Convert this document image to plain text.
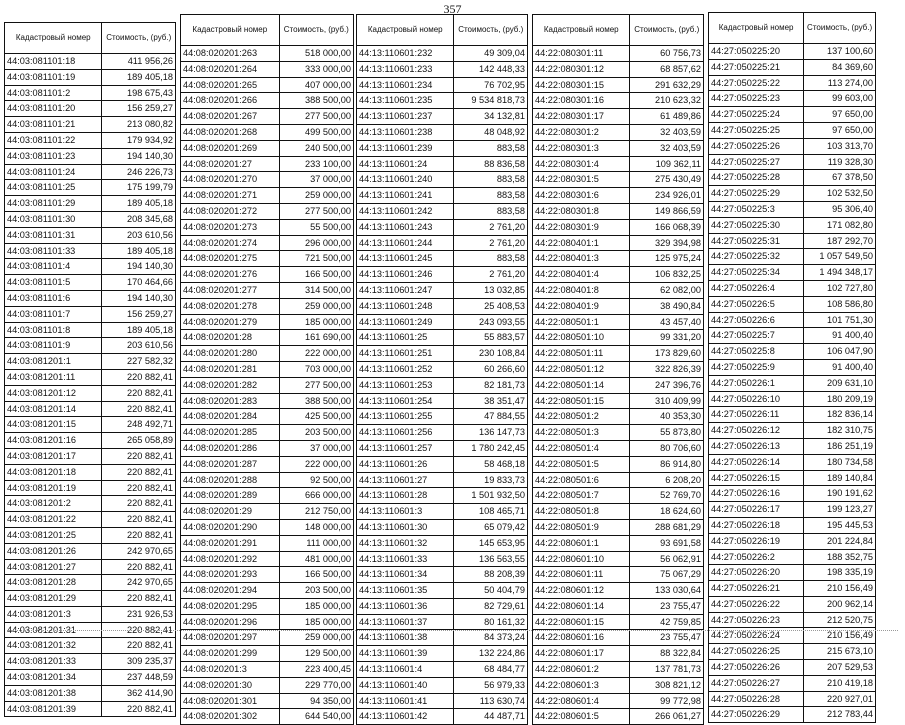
357
Кадастровый номер	Стоимость, (руб.)
44:03:081101:18	411 956,26
44:03:081101:19	189 405,18
44:03:081101:2	198 675,43
44:03:081101:20	156 259,27
44:03:081101:21	213 080,82
44:03:081101:22	179 934,92
44:03:081101:23	194 140,30
44:03:081101:24	246 226,73
44:03:081101:25	175 199,79
44:03:081101:29	189 405,18
44:03:081101:30	208 345,68
44:03:081101:31	203 610,56
44:03:081101:33	189 405,18
44:03:081101:4	194 140,30
44:03:081101:5	170 464,66
44:03:081101:6	194 140,30
44:03:081101:7	156 259,27
44:03:081101:8	189 405,18
44:03:081101:9	203 610,56
44:03:081201:1	227 582,32
44:03:081201:11	220 882,41
44:03:081201:12	220 882,41
44:03:081201:14	220 882,41
44:03:081201:15	248 492,71
44:03:081201:16	265 058,89
44:03:081201:17	220 882,41
44:03:081201:18	220 882,41
44:03:081201:19	220 882,41
44:03:081201:2	220 882,41
44:03:081201:22	220 882,41
44:03:081201:25	220 882,41
44:03:081201:26	242 970,65
44:03:081201:27	220 882,41
44:03:081201:28	242 970,65
44:03:081201:29	220 882,41
44:03:081201:3	231 926,53
44:03:081201:31	220 882,41
44:03:081201:32	220 882,41
44:03:081201:33	309 235,37
44:03:081201:34	237 448,59
44:03:081201:38	362 414,90
44:03:081201:39	220 882,41
Кадастровый номер	Стоимость, (руб.)
44:08:020201:263	518 000,00
44:08:020201:264	333 000,00
44:08:020201:265	407 000,00
44:08:020201:266	388 500,00
44:08:020201:267	277 500,00
44:08:020201:268	499 500,00
44:08:020201:269	240 500,00
44:08:020201:27	233 100,00
44:08:020201:270	37 000,00
44:08:020201:271	259 000,00
44:08:020201:272	277 500,00
44:08:020201:273	55 500,00
44:08:020201:274	296 000,00
44:08:020201:275	721 500,00
44:08:020201:276	166 500,00
44:08:020201:277	314 500,00
44:08:020201:278	259 000,00
44:08:020201:279	185 000,00
44:08:020201:28	161 690,00
44:08:020201:280	222 000,00
44:08:020201:281	703 000,00
44:08:020201:282	277 500,00
44:08:020201:283	388 500,00
44:08:020201:284	425 500,00
44:08:020201:285	203 500,00
44:08:020201:286	37 000,00
44:08:020201:287	222 000,00
44:08:020201:288	92 500,00
44:08:020201:289	666 000,00
44:08:020201:29	212 750,00
44:08:020201:290	148 000,00
44:08:020201:291	111 000,00
44:08:020201:292	481 000,00
44:08:020201:293	166 500,00
44:08:020201:294	203 500,00
44:08:020201:295	185 000,00
44:08:020201:296	185 000,00
44:08:020201:297	259 000,00
44:08:020201:299	129 500,00
44:08:020201:3	223 400,45
44:08:020201:30	229 770,00
44:08:020201:301	94 350,00
44:08:020201:302	644 540,00
Кадастровый номер	Стоимость, (руб.)
44:13:110601:232	49 309,04
44:13:110601:233	142 448,33
44:13:110601:234	76 702,95
44:13:110601:235	9 534 818,73
44:13:110601:237	34 132,81
44:13:110601:238	48 048,92
44:13:110601:239	883,58
44:13:110601:24	88 836,58
44:13:110601:240	883,58
44:13:110601:241	883,58
44:13:110601:242	883,58
44:13:110601:243	2 761,20
44:13:110601:244	2 761,20
44:13:110601:245	883,58
44:13:110601:246	2 761,20
44:13:110601:247	13 032,85
44:13:110601:248	25 408,53
44:13:110601:249	243 093,55
44:13:110601:25	55 883,57
44:13:110601:251	230 108,84
44:13:110601:252	60 266,60
44:13:110601:253	82 181,73
44:13:110601:254	38 351,47
44:13:110601:255	47 884,55
44:13:110601:256	136 147,73
44:13:110601:257	1 780 242,45
44:13:110601:26	58 468,18
44:13:110601:27	19 833,73
44:13:110601:28	1 501 932,50
44:13:110601:3	108 465,71
44:13:110601:30	65 079,42
44:13:110601:32	145 653,95
44:13:110601:33	136 563,55
44:13:110601:34	88 208,39
44:13:110601:35	50 404,79
44:13:110601:36	82 729,61
44:13:110601:37	80 161,32
44:13:110601:38	84 373,24
44:13:110601:39	132 224,86
44:13:110601:4	68 484,77
44:13:110601:40	56 979,33
44:13:110601:41	113 630,74
44:13:110601:42	44 487,71
Кадастровый номер	Стоимость, (руб.)
44:22:080301:11	60 756,73
44:22:080301:12	68 857,62
44:22:080301:15	291 632,29
44:22:080301:16	210 623,32
44:22:080301:17	61 489,86
44:22:080301:2	32 403,59
44:22:080301:3	32 403,59
44:22:080301:4	109 362,11
44:22:080301:5	275 430,49
44:22:080301:6	234 926,01
44:22:080301:8	149 866,59
44:22:080301:9	166 068,39
44:22:080401:1	329 394,98
44:22:080401:3	125 975,24
44:22:080401:4	106 832,25
44:22:080401:8	62 082,00
44:22:080401:9	38 490,84
44:22:080501:1	43 457,40
44:22:080501:10	99 331,20
44:22:080501:11	173 829,60
44:22:080501:12	322 826,39
44:22:080501:14	247 396,76
44:22:080501:15	310 409,99
44:22:080501:2	40 353,30
44:22:080501:3	55 873,80
44:22:080501:4	80 706,60
44:22:080501:5	86 914,80
44:22:080501:6	6 208,20
44:22:080501:7	52 769,70
44:22:080501:8	18 624,60
44:22:080501:9	288 681,29
44:22:080601:1	93 691,58
44:22:080601:10	56 062,91
44:22:080601:11	75 067,29
44:22:080601:12	133 030,64
44:22:080601:14	23 755,47
44:22:080601:15	42 759,85
44:22:080601:16	23 755,47
44:22:080601:17	88 322,84
44:22:080601:2	137 781,73
44:22:080601:3	308 821,12
44:22:080601:4	99 772,98
44:22:080601:5	266 061,27
Кадастровый номер	Стоимость, (руб.)
44:27:050225:20	137 100,60
44:27:050225:21	84 369,60
44:27:050225:22	113 274,00
44:27:050225:23	99 603,00
44:27:050225:24	97 650,00
44:27:050225:25	97 650,00
44:27:050225:26	103 313,70
44:27:050225:27	119 328,30
44:27:050225:28	67 378,50
44:27:050225:29	102 532,50
44:27:050225:3	95 306,40
44:27:050225:30	171 082,80
44:27:050225:31	187 292,70
44:27:050225:32	1 057 549,50
44:27:050225:34	1 494 348,17
44:27:050226:4	102 727,80
44:27:050226:5	108 586,80
44:27:050226:6	101 751,30
44:27:050225:7	91 400,40
44:27:050225:8	106 047,90
44:27:050225:9	91 400,40
44:27:050226:1	209 631,10
44:27:050226:10	180 209,19
44:27:050226:11	182 836,14
44:27:050226:12	182 310,75
44:27:050226:13	186 251,19
44:27:050226:14	180 734,58
44:27:050226:15	189 140,84
44:27:050226:16	190 191,62
44:27:050226:17	199 123,27
44:27:050226:18	195 445,53
44:27:050226:19	201 224,84
44:27:050226:2	188 352,75
44:27:050226:20	198 335,19
44:27:050226:21	210 156,49
44:27:050226:22	200 962,14
44:27:050226:23	212 520,75
44:27:050226:24	210 156,49
44:27:050226:25	215 673,10
44:27:050226:26	207 529,53
44:27:050226:27	210 419,18
44:27:050226:28	220 927,01
44:27:050226:29	212 783,44
